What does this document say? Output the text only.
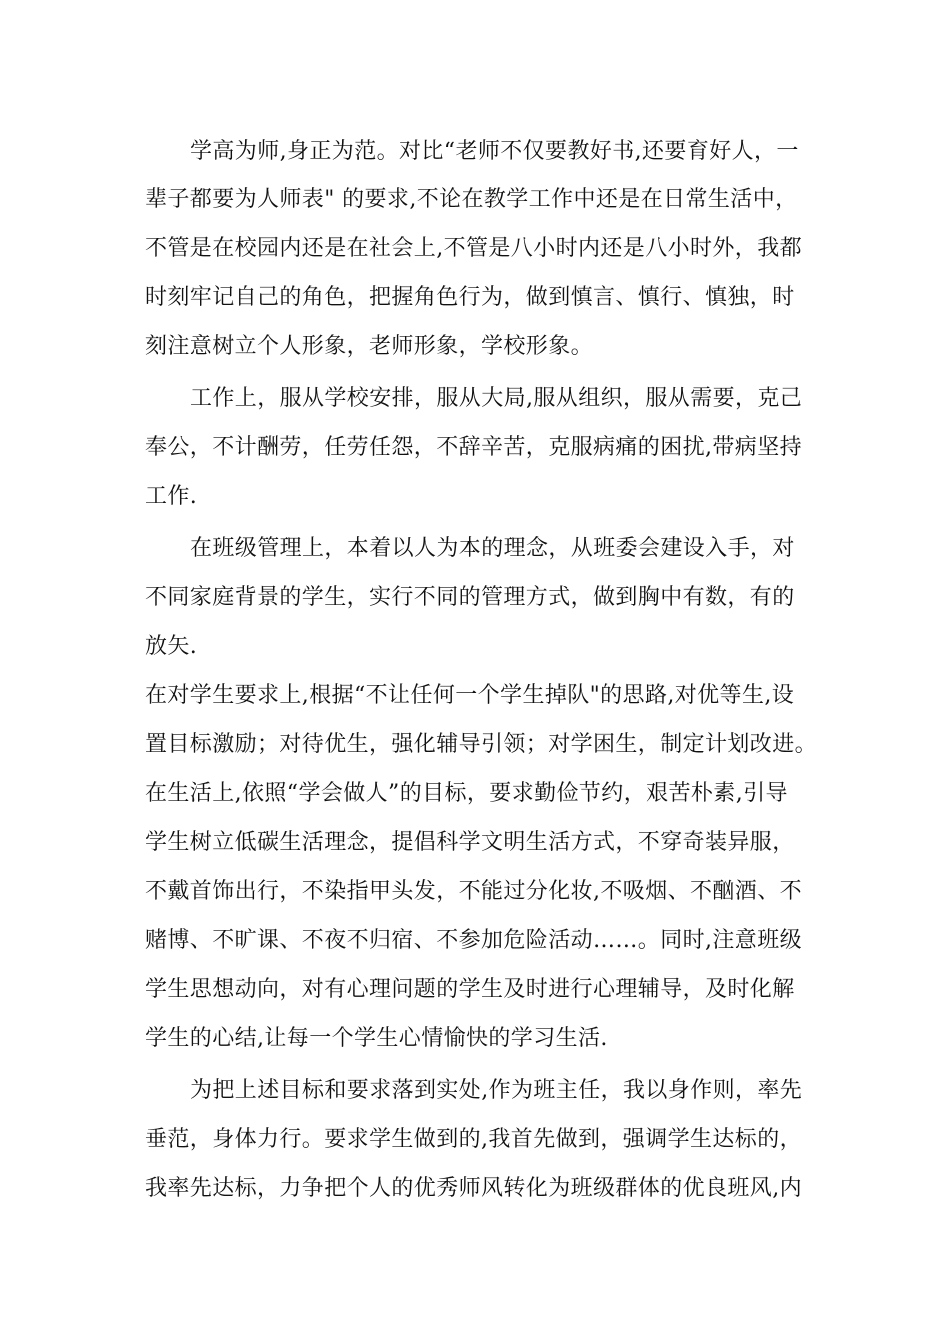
学高为师,身正为范。对比“老师不仅要教好书,还要育好人，一
辈子都要为人师表" 的要求,不论在教学工作中还是在日常生活中，
不管是在校园内还是在社会上,不管是八小时内还是八小时外，我都
时刻牢记自己的角色，把握角色行为，做到慎言、慎行、慎独，时
刻注意树立个人形象，老师形象，学校形象。
工作上，服从学校安排，服从大局,服从组织，服从需要，克己
奉公，不计酬劳，任劳任怨，不辞辛苦，克服病痛的困扰,带病坚持
工作.
在班级管理上，本着以人为本的理念，从班委会建设入手，对
不同家庭背景的学生，实行不同的管理方式，做到胸中有数，有的
放矢.
在对学生要求上,根据“不让任何一个学生掉队"的思路,对优等生,设
置目标激励；对待优生，强化辅导引领；对学困生，制定计划改进。
在生活上,依照“学会做人”的目标，要求勤俭节约，艰苦朴素,引导
学生树立低碳生活理念，提倡科学文明生活方式，不穿奇装异服，
不戴首饰出行，不染指甲头发，不能过分化妆,不吸烟、不酗酒、不
赌博、不旷课、不夜不归宿、不参加危险活动……。同时,注意班级
学生思想动向，对有心理问题的学生及时进行心理辅导，及时化解
学生的心结,让每一个学生心情愉快的学习生活.
为把上述目标和要求落到实处,作为班主任，我以身作则，率先
垂范，身体力行。要求学生做到的,我首先做到，强调学生达标的，
我率先达标，力争把个人的优秀师风转化为班级群体的优良班风,内
